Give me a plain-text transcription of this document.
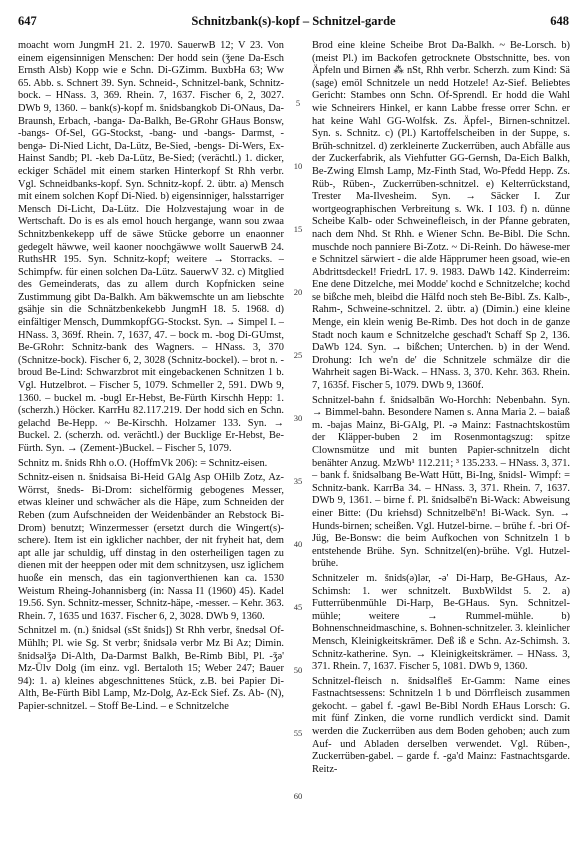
647	Schnitzbank(s)-kopf – Schnitzel-garde	648

moacht worn JungmH 21. 2. 1970. SauerwB 12; V 23. Von einem eigensinnigen Menschen: Der hodd sein (ǯene Da-Esch Ernsth Alsb) Kopp wie e Schn. Di-GZimm. BuxbHa 63; Ww 65. Abb. s. Schnert 39. Syn. Schneid-, Schnitzel-bank, Schnitz-bock. – HNass. 3, 369. Rhein. 7, 1637. Fischer 6, 2, 3027. DWb 9, 1360. – bank(s)-kopf m. šnidsbangkob Di-ONaus, Da-Braunsh, Erbach, -banga- Da-Balkh, Be-GRohr GHaus Bonsw, -bangs- Of-Sel, GG-Stockst, -bang- und -bangs- Darmst, -bengə- Di-Nied Licht, Da-Lütz, Be-Sied, -bengs- Di-Wers, Ex-Hainst Sandb; Pl. -keb Da-Lütz, Be-Sied; (verächtl.) 1. dicker, eckiger Schädel mit einem starken Hinterkopf St Rhh verbr. Vgl. Schneidbanks-kopf. Syn. Schnitz-kopf. 2. übtr. a) Mensch mit einem solchen Kopf Di-Nied. b) eigensinniger, halsstarriger Mensch Di-Licht, Da-Lütz. Die Holzvestajung woar in de Wertschaft. Do is es als emol houch hergange, wann sou zwaa Schnitzbenkekepp uff de säwe Stücke geborre un enaonner gedegelt häwwe, weil kaoner noochgäwwe wollt SauerwB 24. RuthsHR 195. Syn. Schnitz-kopf; weitere → Storracks. – Schimpfw. für einen solchen Da-Lütz. SauerwV 32. c) Mitglied des Gemeinderats, das zu allem durch Kopfnicken seine Zustimmung gibt Da-Balkh. Am bäkwemschte un am liebschte gsähje sin die Schnätzbenkekebb JungmH 18. 5. 1968. d) einfältiger Mensch, DummkopfGG-Stockst. Syn. → Simpel I. – HNass. 3, 369f. Rhein. 7, 1637, 47. – bock m. -bog Di-GUmst, Be-GRohr: Schnitz-bank des Wagners. – HNass. 3, 370 (Schnitze-bock). Fischer 6, 2, 3028 (Schnitz-bockel). – brot n. -broud Be-Lind: Schwarzbrot mit eingebackenen Schnitzen 1 b. Vgl. Hutzelbrot. – Fischer 5, 1079. Schmeller 2, 591. DWb 9, 1360. – buckel m. -bugl Er-Hebst, Be-Fürth Kirschh Hepp: 1. (scherzh.) Höcker. KarrHu 82.117.219. Der hodd sich en Schn. gelachd Be-Hepp. ~ Be-Kirschh. Holzamer 133. Syn. → Buckel. 2. (scherzh. od. verächtl.) der Bucklige Er-Hebst, Be-Fürth. Syn. → (Zement-)Buckel. – Fischer 5, 1079.

Schnitz m. šnids Rhh o.O. (HoffmVk 206): = Schnitz-eisen.

Schnitz-eisen n. šnidsaisa Bi-Heid GAlg Asp OHilb Zotz, Az-Wörrst, šneds- Bi-Drom: sichelförmig gebogenes Messer, etwas kleiner und schwächer als die Häpe, zum Schneiden der Reben (zum Aufschneiden der Weidenbänder an Rebstock Bi-Drom) benutzt; Winzermesser (ersetzt durch die Wingert(s)-schere). Item ist ein igklicher nachber, der nit fryheit hat, dem apt alle jar schuldig, uff dinstag in den osterheiligen tagen zu dienen mit der heeppen oder mit dem schnitzysen, usz iglichem huoße ein mensch, das ein tagionverthienen kan ca. 1530 Weistum Rheing-Johannisberg (in: Nassa I1 (1960) 45). Kadel 19.56. Syn. Schnitz-messer, Schnitz-häpe, -messer. – Kehr. 363. Rhein. 7, 1635 und 1637. Fischer 6, 2, 3028. DWb 9, 1360.

Schnitzel m. (n.) šnidsəl (sSt šnids]) St Rhh verbr, šnedsəl Of-Mühlh; Pl. wie Sg. St verbr; šnidsələ verbr Mz Bi Az; Dimin. šnidsəlǯə Di-Alth, Da-Darmst Balkh, Be-Rimb Bibl, Pl. -ǯə' Mz-Ülv Dolg (im einz. vgl. Bertaloth 15; Weber 247; Bauer 94): 1. a) kleines abgeschnittenes Stück, z.B. bei Papier Di-Alth, Be-Fürth Bibl Lamp, Mz-Dolg, Az-Eck Sief. Zs. Ab- (N), Papier-schnitzel. – Stoff Be-Lind. – e Schnitzelche

5
10
15
20
25
30
35
40
45
50
55
60

Brod eine kleine Scheibe Brot Da-Balkh. ~ Be-Lorsch. b) (meist Pl.) im Backofen getrocknete Obstschnitte, bes. von Äpfeln und Birnen ⁂ nSt, Rhh verbr. Scherzh. zum Kind: Sä (sage) emöl Schnitzele un nedd Hotzele! Az-Sief. Beliebtes Gericht: Stambes onn Schn. Of-Sprendl. Er hodd die Wahl wie Schneirers Hinkel, er kann Labbe fresse orrer Schn. er hat keine Wahl GG-Wolfsk. Zs. Äpfel-, Birnen-schnitzel. Syn. s. Schnitz. c) (Pl.) Kartoffelscheiben in der Suppe, s. Brüh-schnitzel. d) zerkleinerte Zuckerrüben, auch Abfälle aus der Zuckerfabrik, als Viehfutter GG-Gernsh, Da-Eich Balkh, Be-Zwing Elmsh Lamp, Mz-Finth Stad, Wo-Pfedd Hepp. Zs. Rüb-, Rüben-, Zuckerrüben-schnitzel. e) Kelterrückstand, Trester Ma-Ilvesheim. Syn. → Säcker I. Zur wortgeographischen Verbreitung s. Wk. I 103. f) n. dünne Scheibe Kalb- oder Schweinefleisch, in der Pfanne gebraten, nach dem Nhd. St Rhh. e Wiener Schn. Be-Bibl. Die Schn. muschde noch panniere Bi-Zotz. ~ Di-Reinh. Do häwese-mer e Schnitzel särwiert - die alde Häpprumer heen gsoad, wie-en Abdrittsdeckel! FriedrL 17. 9. 1983. DaWb 142. Kinderreim: Ene dene Ditzelche, mei Modde' kochd e Schnitzelche; kochd se bißche meh, bleibd die Hälfd noch steh Be-Bibl. Zs. Kalb-, Rahm-, Schweine-schnitzel. 2. übtr. a) (Dimin.) eine kleine Menge, ein klein wenig Be-Rimb. Des hot doch in de ganze Stadt noch kaum e Schnitzelche geschad't Schaff Sp 2, 136. DaWb 124. Syn. → bißchen; Unterchen. b) in der Wend. Drohung: Ich we'n de' die Schnitzele schmälze dir die Wahrheit sagen Bi-Wack. – HNass. 3, 370. Kehr. 363. Rhein. 7, 1635f. Fischer 5, 1079. DWb 9, 1360f.

Schnitzel-bahn f. šnidsəlbān Wo-Horchh: Nebenbahn. Syn. → Bimmel-bahn. Besondere Namen s. Anna Maria 2. – baiaß m. -bajas Mainz, Bi-GAlg, Pl. -ə Mainz: Fastnachtskostüm der Kläpper-buben 2 im Rosenmontagszug: spitze Clownsmütze und mit bunten Papier-schnitzeln dicht benähter Anzug. MzWb¹ 112.211; ³ 135.233. – HNass. 3, 371. – bank f. šnidsəlbang Be-Watt Hütt, Bi-Ing, šnidsl- Wimpf: = Schnitz-bank. KarrBa 34. – HNass. 3, 371. Rhein. 7, 1637. DWb 9, 1361. – birne f. Pl. šnidsəlbē'n Bi-Wack: Abweisung einer Bitte: (Du kriehsd) Schnitzelbē'n! Bi-Wack. Syn. → Hunds-birnen; scheißen. Vgl. Hutzel-birne. – brühe f. -bri Of-Jüg, Be-Bonsw: die beim Aufkochen von Schnitzeln 1 b entstehende Brühe. Syn. Schnitzel(en)-brühe. Vgl. Hutzel-brühe.

Schnitzeler m. šnids(ə)lər, -ə' Di-Harp, Be-GHaus, Az-Schimsh: 1. wer schnitzelt. BuxbWildst 5. 2. a) Futterrübenmühle Di-Harp, Be-GHaus. Syn. Schnitzel-mühle; weitere → Rummel-mühle. b) Bohnenschneidmaschine, s. Bohnen-schnitzeler. 3. kleinlicher Mensch, Kleinigkeitskrämer. Deß iß e Schn. Az-Schimsh. 3. Schnitz-katherine. Syn. → Kleinigkeitskrämer. – HNass. 3, 371. Rhein. 7, 1637. Fischer 5, 1081. DWb 9, 1360.

Schnitzel-fleisch n. šnidsəlfleš Er-Gamm: Name eines Fastnachtsessens: Schnitzeln 1 b und Dörrfleisch zusammen gekocht. – gabel f. -gawl Be-Bibl Nordh EHaus Lorsch: G. mit fünf Zinken, die vorne rundlich verdickt sind. Damit werden die Zuckerrüben aus dem Boden gehoben; auch zum Auf- und Abladen derselben verwendet. Vgl. Rüben-, Zuckerrüben-gabel. – garde f. -ga'd Mainz: Fastnachtsgarde. Reitz-
